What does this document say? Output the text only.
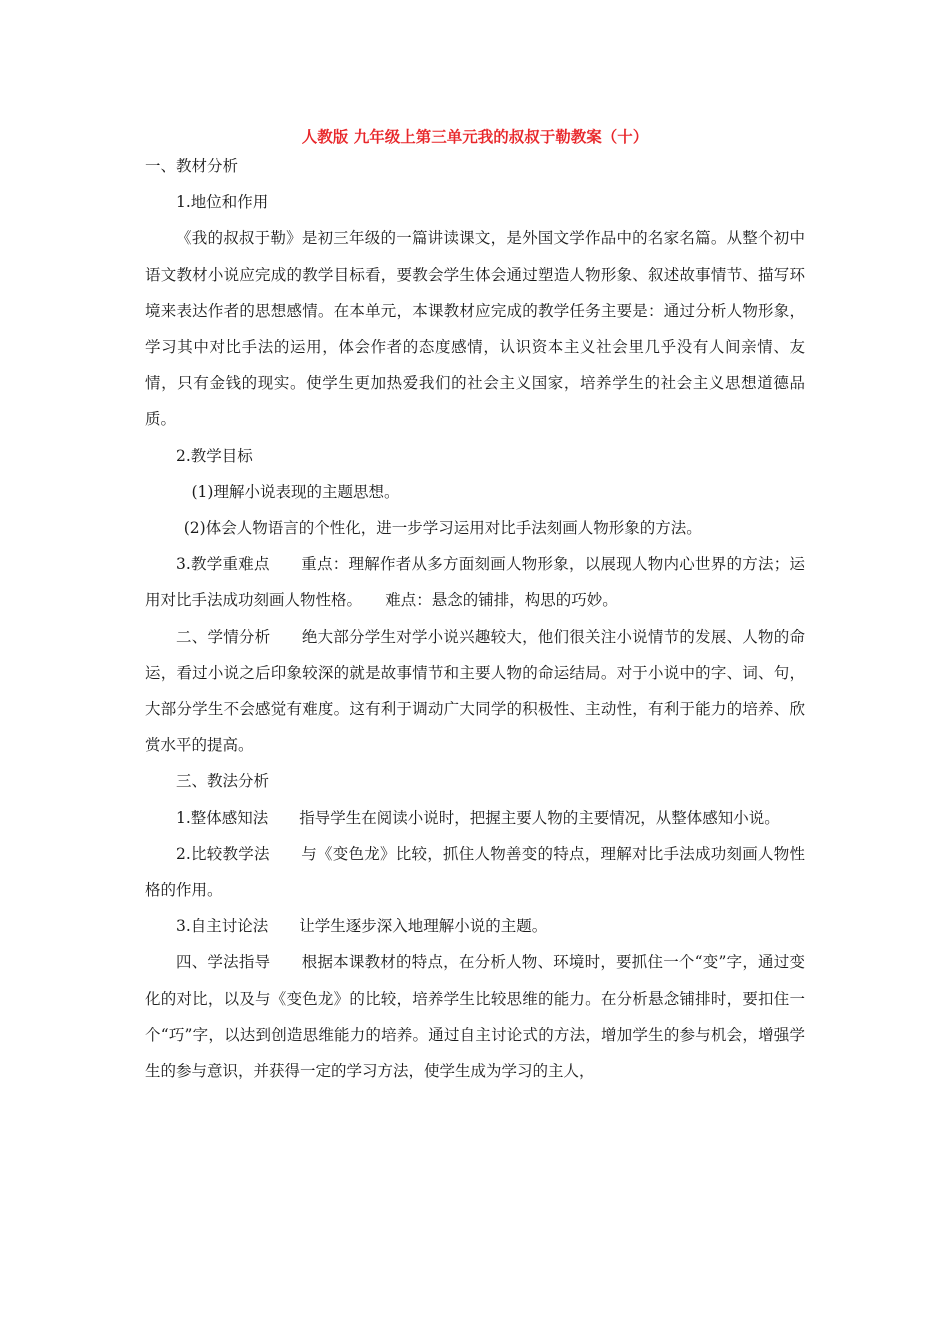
人教版 九年级上第三单元我的叔叔于勒教案（十）

一、教材分析

1.地位和作用

《我的叔叔于勒》是初三年级的一篇讲读课文，是外国文学作品中的名家名篇。从整个初中语文教材小说应完成的教学目标看，要教会学生体会通过塑造人物形象、叙述故事情节、描写环境来表达作者的思想感情。在本单元，本课教材应完成的教学任务主要是：通过分析人物形象，学习其中对比手法的运用，体会作者的态度感情，认识资本主义社会里几乎没有人间亲情、友情，只有金钱的现实。使学生更加热爱我们的社会主义国家，培养学生的社会主义思想道德品质。

2.教学目标

(1)理解小说表现的主题思想。

(2)体会人物语言的个性化，进一步学习运用对比手法刻画人物形象的方法。

3.教学重难点　　重点：理解作者从多方面刻画人物形象，以展现人物内心世界的方法；运用对比手法成功刻画人物性格。　　难点：悬念的铺排，构思的巧妙。

二、学情分析　　绝大部分学生对学小说兴趣较大，他们很关注小说情节的发展、人物的命运，看过小说之后印象较深的就是故事情节和主要人物的命运结局。对于小说中的字、词、句，大部分学生不会感觉有难度。这有利于调动广大同学的积极性、主动性，有利于能力的培养、欣赏水平的提高。

三、教法分析

1.整体感知法　　指导学生在阅读小说时，把握主要人物的主要情况，从整体感知小说。

2.比较教学法　　与《变色龙》比较，抓住人物善变的特点，理解对比手法成功刻画人物性格的作用。

3.自主讨论法　　让学生逐步深入地理解小说的主题。

四、学法指导　　根据本课教材的特点，在分析人物、环境时，要抓住一个“变”字，通过变化的对比，以及与《变色龙》的比较，培养学生比较思维的能力。在分析悬念铺排时，要扣住一个“巧”字，以达到创造思维能力的培养。通过自主讨论式的方法，增加学生的参与机会，增强学生的参与意识，并获得一定的学习方法，使学生成为学习的主人，
